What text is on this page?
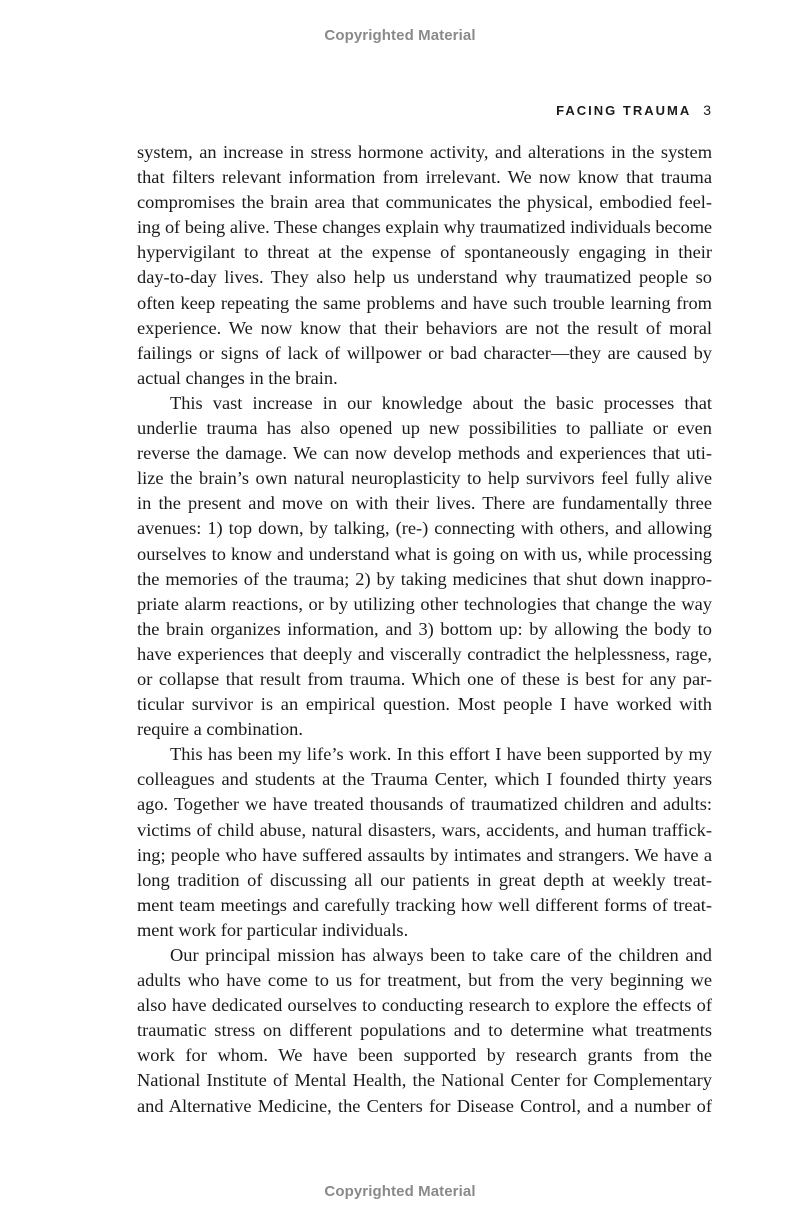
Copyrighted Material
FACING TRAUMA 3
system, an increase in stress hormone activity, and alterations in the system
that filters relevant information from irrelevant. We now know that trauma
compromises the brain area that communicates the physical, embodied feel-
ing of being alive. These changes explain why traumatized individuals become
hypervigilant to threat at the expense of spontaneously engaging in their
day-to-day lives. They also help us understand why traumatized people so
often keep repeating the same problems and have such trouble learning from
experience. We now know that their behaviors are not the result of moral
failings or signs of lack of willpower or bad character—they are caused by
actual changes in the brain.
This vast increase in our knowledge about the basic processes that
underlie trauma has also opened up new possibilities to palliate or even
reverse the damage. We can now develop methods and experiences that uti-
lize the brain’s own natural neuroplasticity to help survivors feel fully alive
in the present and move on with their lives. There are fundamentally three
avenues: 1) top down, by talking, (re-) connecting with others, and allowing
ourselves to know and understand what is going on with us, while processing
the memories of the trauma; 2) by taking medicines that shut down inappro-
priate alarm reactions, or by utilizing other technologies that change the way
the brain organizes information, and 3) bottom up: by allowing the body to
have experiences that deeply and viscerally contradict the helplessness, rage,
or collapse that result from trauma. Which one of these is best for any par-
ticular survivor is an empirical question. Most people I have worked with
require a combination.
This has been my life’s work. In this effort I have been supported by my
colleagues and students at the Trauma Center, which I founded thirty years
ago. Together we have treated thousands of traumatized children and adults:
victims of child abuse, natural disasters, wars, accidents, and human traffick-
ing; people who have suffered assaults by intimates and strangers. We have a
long tradition of discussing all our patients in great depth at weekly treat-
ment team meetings and carefully tracking how well different forms of treat-
ment work for particular individuals.
Our principal mission has always been to take care of the children and
adults who have come to us for treatment, but from the very beginning we
also have dedicated ourselves to conducting research to explore the effects of
traumatic stress on different populations and to determine what treatments
work for whom. We have been supported by research grants from the
National Institute of Mental Health, the National Center for Complementary
and Alternative Medicine, the Centers for Disease Control, and a number of
Copyrighted Material
